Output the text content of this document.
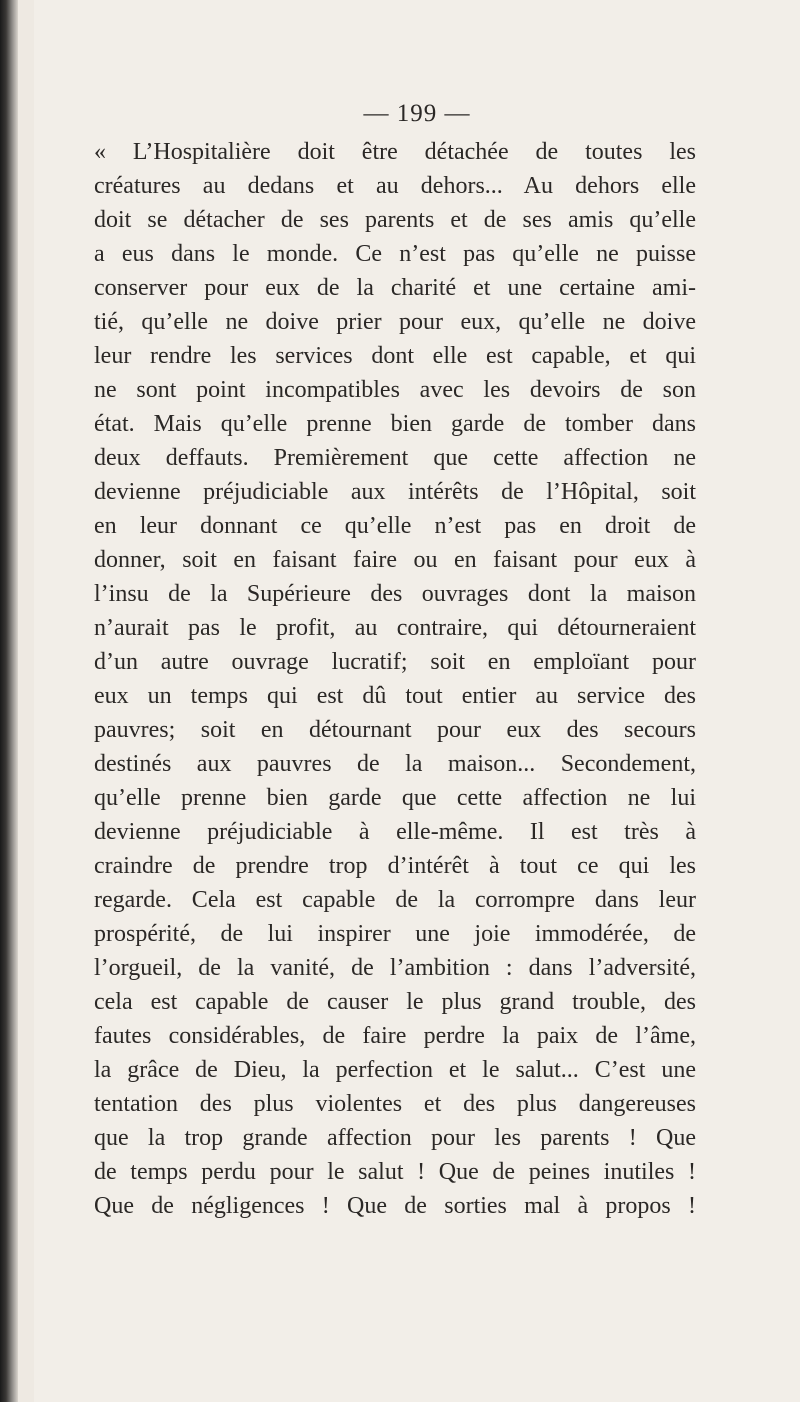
— 199 —
« L’Hospitalière doit être détachée de toutes les
créatures au dedans et au dehors... Au dehors elle
doit se détacher de ses parents et de ses amis qu’elle
a eus dans le monde. Ce n’est pas qu’elle ne puisse
conserver pour eux de la charité et une certaine ami-
tié, qu’elle ne doive prier pour eux, qu’elle ne doive
leur rendre les services dont elle est capable, et qui
ne sont point incompatibles avec les devoirs de son
état. Mais qu’elle prenne bien garde de tomber dans
deux deffauts. Premièrement que cette affection ne
devienne préjudiciable aux intérêts de l’Hôpital, soit
en leur donnant ce qu’elle n’est pas en droit de
donner, soit en faisant faire ou en faisant pour eux à
l’insu de la Supérieure des ouvrages dont la maison
n’aurait pas le profit, au contraire, qui détourneraient
d’un autre ouvrage lucratif; soit en emploïant pour
eux un temps qui est dû tout entier au service des
pauvres; soit en détournant pour eux des secours
destinés aux pauvres de la maison... Secondement,
qu’elle prenne bien garde que cette affection ne lui
devienne préjudiciable à elle-même. Il est très à
craindre de prendre trop d’intérêt à tout ce qui les
regarde. Cela est capable de la corrompre dans leur
prospérité, de lui inspirer une joie immodérée, de
l’orgueil, de la vanité, de l’ambition : dans l’adversité,
cela est capable de causer le plus grand trouble, des
fautes considérables, de faire perdre la paix de l’âme,
la grâce de Dieu, la perfection et le salut... C’est une
tentation des plus violentes et des plus dangereuses
que la trop grande affection pour les parents ! Que
de temps perdu pour le salut ! Que de peines inutiles !
Que de négligences ! Que de sorties mal à propos !
